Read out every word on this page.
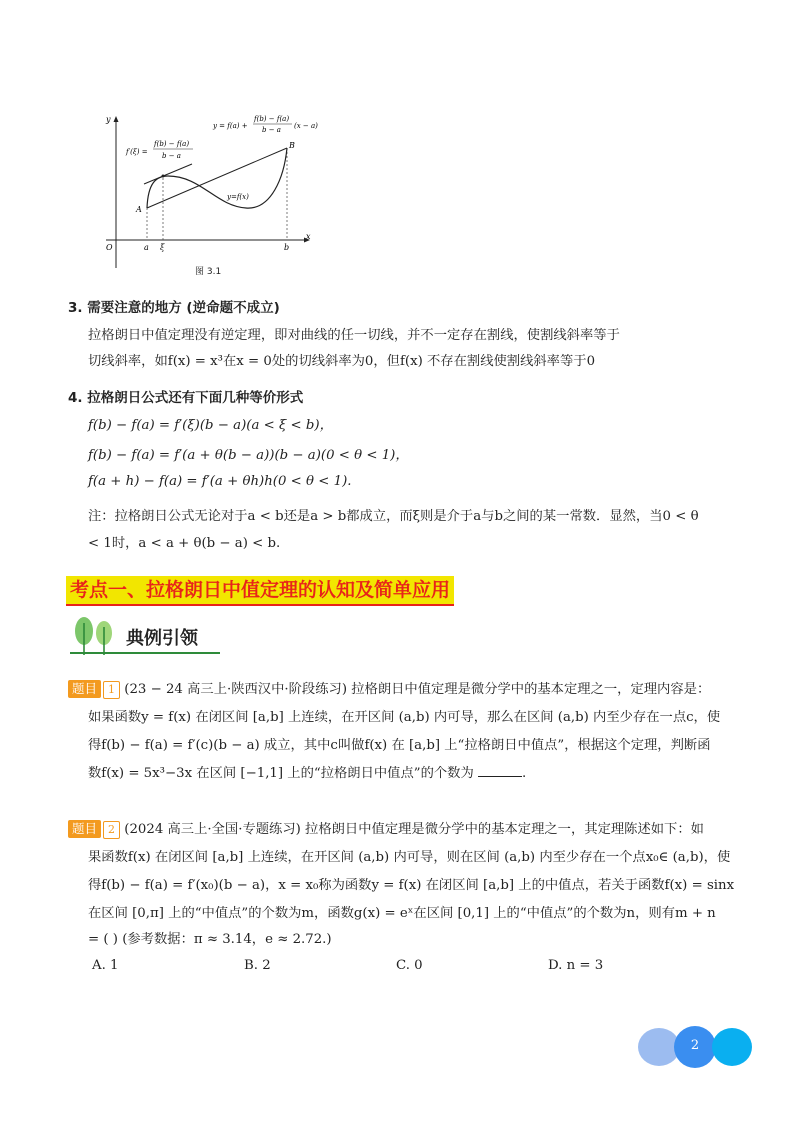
y
x
O
A
B
y=f(x)
a ξ	b
y = f(a) +
f(b) − f(a)
b − a (x − a)
f′(ξ) =
f(b) − f(a)
b − a
图 3.1
3. 需要注意的地方 (逆命题不成立)
拉格朗日中值定理没有逆定理，即对曲线的任一切线，并不一定存在割线，使割线斜率等于
切线斜率，如f(x) = x³在x = 0处的切线斜率为0，但f(x) 不存在割线使割线斜率等于0
4. 拉格朗日公式还有下面几种等价形式
f(b) − f(a) = f′(ξ)(b − a)(a < ξ < b)，
f(b) − f(a) = f′(a + θ(b − a))(b − a)(0 < θ < 1)，
f(a + h) − f(a) = f′(a + θh)h(0 < θ < 1).
注：拉格朗日公式无论对于a < b还是a > b都成立，而ξ则是介于a与b之间的某一常数．显然，当0 < θ
< 1时，a < a + θ(b − a) < b.
考点一、拉格朗日中值定理的认知及简单应用
典例引领
题目 1 (23 − 24 高三上·陕西汉中·阶段练习) 拉格朗日中值定理是微分学中的基本定理之一，定理内容是：
如果函数y = f(x) 在闭区间 [a,b] 上连续，在开区间 (a,b) 内可导，那么在区间 (a,b) 内至少存在一点c，使
得f(b) − f(a) = f′(c)(b − a) 成立，其中c叫做f(x) 在 [a,b] 上“拉格朗日中值点”，根据这个定理，判断函
数f(x) = 5x³−3x 在区间 [−1,1] 上的“拉格朗日中值点”的个数为	.
题目 2 (2024 高三上·全国·专题练习) 拉格朗日中值定理是微分学中的基本定理之一，其定理陈述如下：如
果函数f(x) 在闭区间 [a,b] 上连续，在开区间 (a,b) 内可导，则在区间 (a,b) 内至少存在一个点x₀∈ (a,b)，使
得f(b) − f(a) = f′(x₀)(b − a)，x = x₀称为函数y = f(x) 在闭区间 [a,b] 上的中值点，若关于函数f(x) = sinx
在区间 [0,π] 上的“中值点”的个数为m，函数g(x) = eˣ在区间 [0,1] 上的“中值点”的个数为n，则有m + n
= ( ) (参考数据：π ≈ 3.14，e ≈ 2.72.)
A. 1	B. 2	C. 0	D. n = 3
2
